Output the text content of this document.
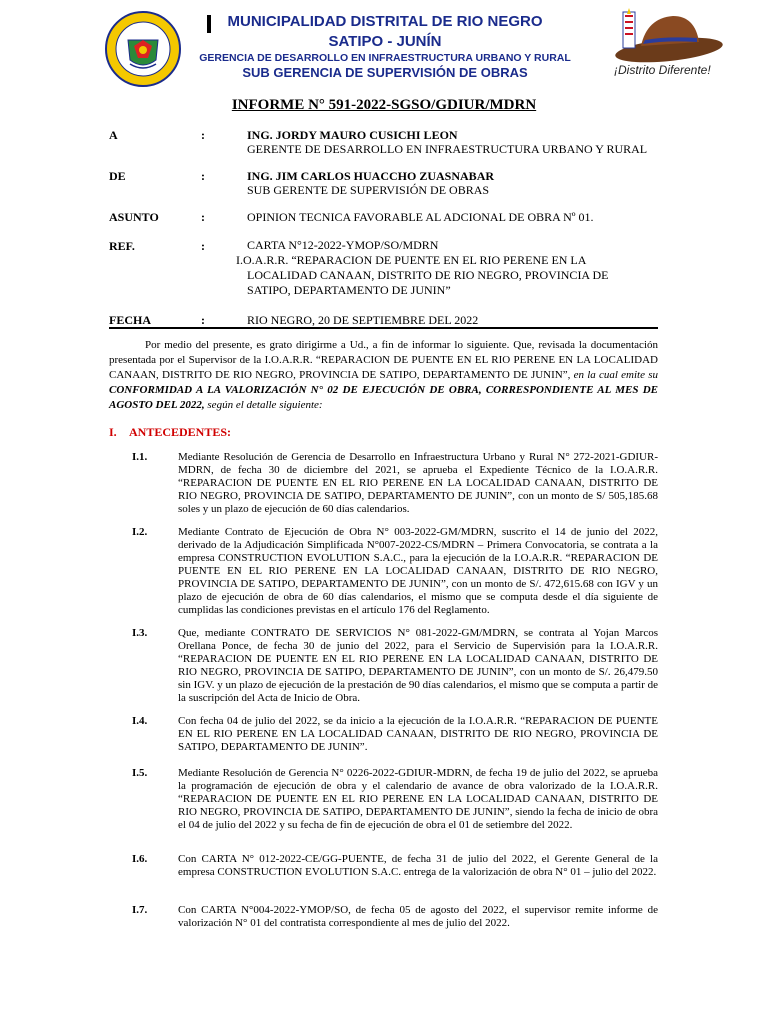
MUNICIPALIDAD DISTRITAL DE RIO NEGRO
SATIPO - JUNÍN
GERENCIA DE DESARROLLO EN INFRAESTRUCTURA URBANO Y RURAL
SUB GERENCIA DE SUPERVISIÓN DE OBRAS	¡Distrito Diferente!
INFORME N° 591-2022-SGSO/GDIUR/MDRN
A	:	ING. JORDY MAURO CUSICHI LEON
GERENTE DE DESARROLLO EN INFRAESTRUCTURA URBANO Y RURAL
DE	:	ING. JIM CARLOS HUACCHO ZUASNABAR
SUB GERENTE DE SUPERVISIÓN DE OBRAS
ASUNTO	:	OPINION TECNICA FAVORABLE AL ADCIONAL DE OBRA Nº 01.
REF.	:	CARTA N°12-2022-YMOP/SO/MDRN
I.O.A.R.R. “REPARACION DE PUENTE EN EL RIO PERENE EN LA
LOCALIDAD CANAAN, DISTRITO DE RIO NEGRO, PROVINCIA DE
SATIPO, DEPARTAMENTO DE JUNIN”
FECHA	:	RIO NEGRO, 20 DE SEPTIEMBRE DEL 2022
Por medio del presente, es grato dirigirme a Ud., a fin de informar lo siguiente. Que, revisada la documentación presentada por el Supervisor de la I.O.A.R.R. “REPARACION DE PUENTE EN EL RIO PERENE EN LA LOCALIDAD CANAAN, DISTRITO DE RIO NEGRO, PROVINCIA DE SATIPO, DEPARTAMENTO DE JUNIN”, en la cual emite su CONFORMIDAD A LA VALORIZACIÓN N° 02 DE EJECUCIÓN DE OBRA, CORRESPONDIENTE AL MES DE AGOSTO DEL 2022, según el detalle siguiente:
I. ANTECEDENTES:
I.1.	Mediante Resolución de Gerencia de Desarrollo en Infraestructura Urbano y Rural N° 272-2021-GDIUR-MDRN, de fecha 30 de diciembre del 2021, se aprueba el Expediente Técnico de la I.O.A.R.R. “REPARACION DE PUENTE EN EL RIO PERENE EN LA LOCALIDAD CANAAN, DISTRITO DE RIO NEGRO, PROVINCIA DE SATIPO, DEPARTAMENTO DE JUNIN”, con un monto de S/ 505,185.68 soles y un plazo de ejecución de 60 días calendarios.
I.2.	Mediante Contrato de Ejecución de Obra N° 003-2022-GM/MDRN, suscrito el 14 de junio del 2022, derivado de la Adjudicación Simplificada N°007-2022-CS/MDRN – Primera Convocatoria, se contrata a la empresa CONSTRUCTION EVOLUTION S.A.C., para la ejecución de la I.O.A.R.R. “REPARACION DE PUENTE EN EL RIO PERENE EN LA LOCALIDAD CANAAN, DISTRITO DE RIO NEGRO, PROVINCIA DE SATIPO, DEPARTAMENTO DE JUNIN”, con un monto de S/. 472,615.68 con IGV y un plazo de ejecución de obra de 60 días calendarios, el mismo que se computa desde el día siguiente de cumplidas las condiciones previstas en el artículo 176 del Reglamento.
I.3.	Que, mediante CONTRATO DE SERVICIOS N° 081-2022-GM/MDRN, se contrata al Yojan Marcos Orellana Ponce, de fecha 30 de junio del 2022, para el Servicio de Supervisión para la I.O.A.R.R. “REPARACION DE PUENTE EN EL RIO PERENE EN LA LOCALIDAD CANAAN, DISTRITO DE RIO NEGRO, PROVINCIA DE SATIPO, DEPARTAMENTO DE JUNIN”, con un monto de S/. 26,479.50 sin IGV. y un plazo de ejecución de la prestación de 90 días calendarios, el mismo que se computa a partir de la suscripción del Acta de Inicio de Obra.
I.4.	Con fecha 04 de julio del 2022, se da inicio a la ejecución de la I.O.A.R.R. “REPARACION DE PUENTE EN EL RIO PERENE EN LA LOCALIDAD CANAAN, DISTRITO DE RIO NEGRO, PROVINCIA DE SATIPO, DEPARTAMENTO DE JUNIN”.
I.5.	Mediante Resolución de Gerencia N° 0226-2022-GDIUR-MDRN, de fecha 19 de julio del 2022, se aprueba la programación de ejecución de obra y el calendario de avance de obra valorizado de la I.O.A.R.R. “REPARACION DE PUENTE EN EL RIO PERENE EN LA LOCALIDAD CANAAN, DISTRITO DE RIO NEGRO, PROVINCIA DE SATIPO, DEPARTAMENTO DE JUNIN”, siendo la fecha de inicio de obra el 04 de julio del 2022 y su fecha de fin de ejecución de obra el 01 de setiembre del 2022.
I.6.	Con CARTA N° 012-2022-CE/GG-PUENTE, de fecha 31 de julio del 2022, el Gerente General de la empresa CONSTRUCTION EVOLUTION S.A.C. entrega de la valorización de obra N° 01 – julio del 2022.
I.7.	Con CARTA N°004-2022-YMOP/SO, de fecha 05 de agosto del 2022, el supervisor remite informe de valorización N° 01 del contratista correspondiente al mes de julio del 2022.
